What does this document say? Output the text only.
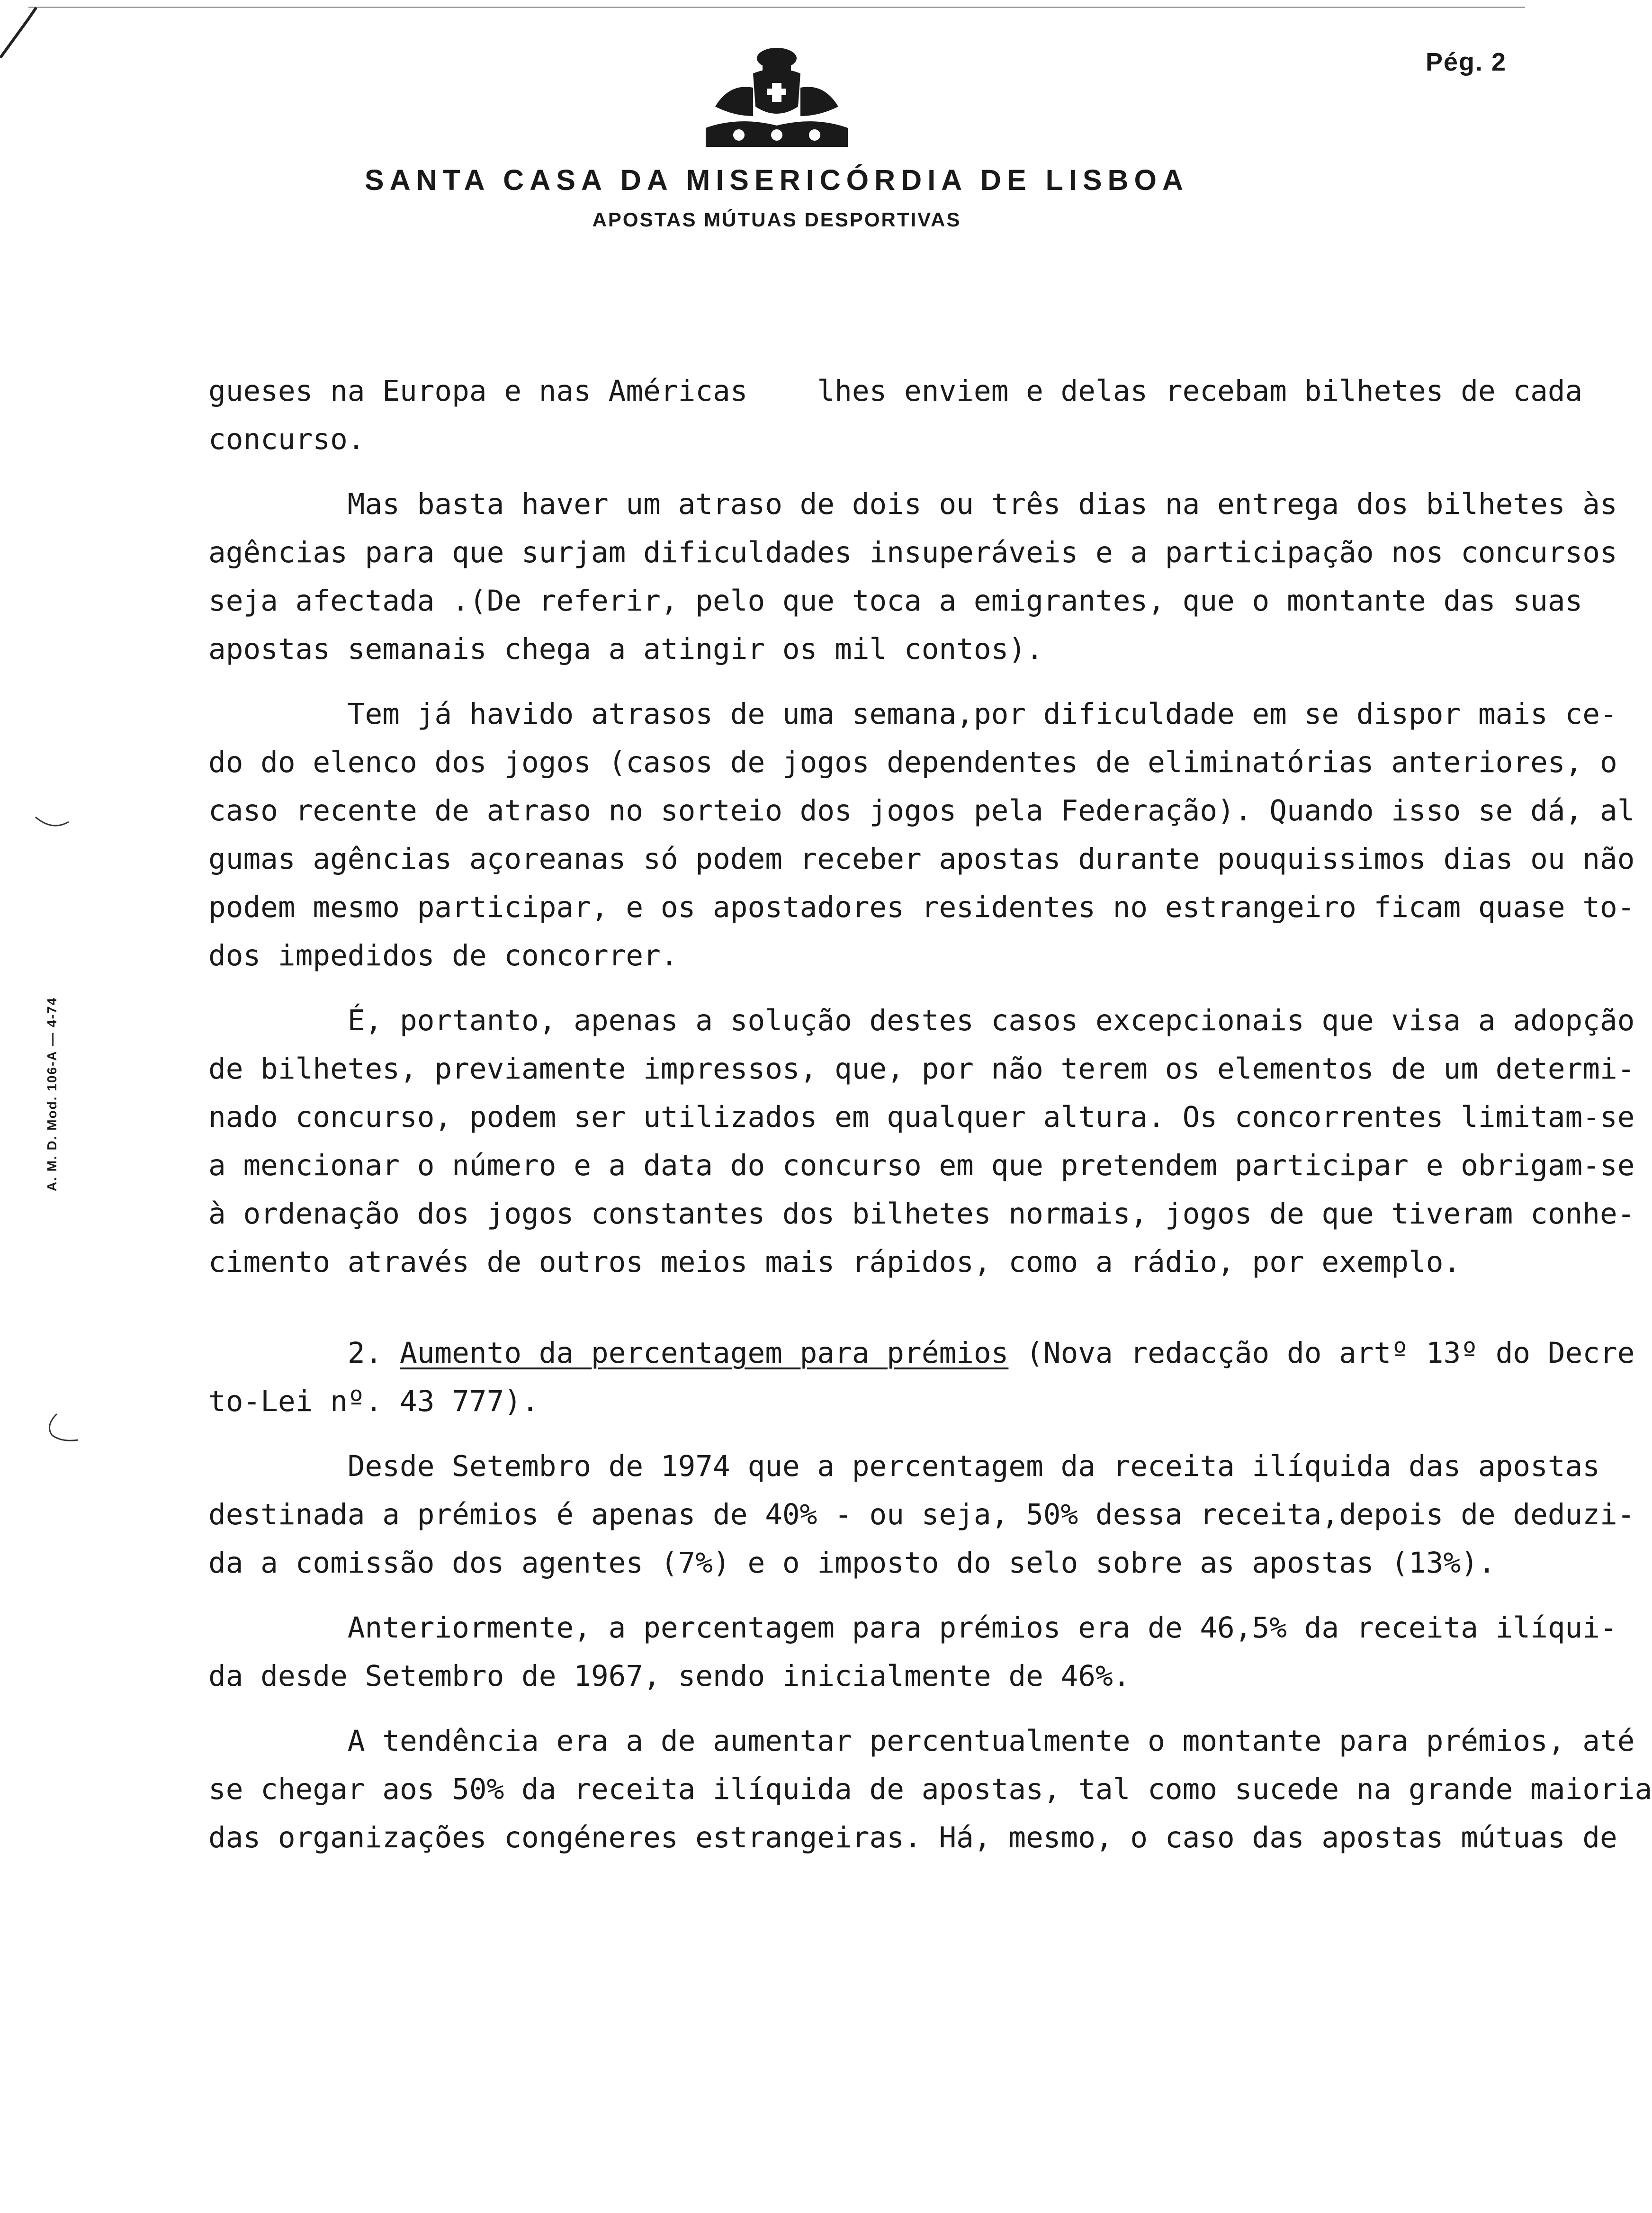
Pég. 2
SANTA CASA DA MISERICÓRDIA DE LISBOA
APOSTAS MÚTUAS DESPORTIVAS
A. M. D. Mod. 106-A — 4-74

gueses na Europa e nas Américas    lhes enviem e delas recebam bilhetes de cada

concurso.

Mas basta haver um atraso de dois ou três dias na entrega dos bilhetes às

agências para que surjam dificuldades insuperáveis e a participação nos concursos

seja afectada .(De referir, pelo que toca a emigrantes, que o montante das suas

apostas semanais chega a atingir os mil contos).

Tem já havido atrasos de uma semana,por dificuldade em se dispor mais ce-

do do elenco dos jogos (casos de jogos dependentes de eliminatórias anteriores, o

caso recente de atraso no sorteio dos jogos pela Federação). Quando isso se dá, al

gumas agências açoreanas só podem receber apostas durante pouquissimos dias ou não

podem mesmo participar, e os apostadores residentes no estrangeiro ficam quase to-

dos impedidos de concorrer.

É, portanto, apenas a solução destes casos excepcionais que visa a adopção

de bilhetes, previamente impressos, que, por não terem os elementos de um determi-

nado concurso, podem ser utilizados em qualquer altura. Os concorrentes limitam-se

a mencionar o número e a data do concurso em que pretendem participar e obrigam-se

à ordenação dos jogos constantes dos bilhetes normais, jogos de que tiveram conhe-

cimento através de outros meios mais rápidos, como a rádio, por exemplo.

2. Aumento da percentagem para prémios (Nova redacção do artº 13º do Decre

to-Lei nº. 43 777).

Desde Setembro de 1974 que a percentagem da receita ilíquida das apostas

destinada a prémios é apenas de 40% - ou seja, 50% dessa receita,depois de deduzi-

da a comissão dos agentes (7%) e o imposto do selo sobre as apostas (13%).

Anteriormente, a percentagem para prémios era de 46,5% da receita ilíqui-

da desde Setembro de 1967, sendo inicialmente de 46%.

A tendência era a de aumentar percentualmente o montante para prémios, até

se chegar aos 50% da receita ilíquida de apostas, tal como sucede na grande maioria

das organizações congéneres estrangeiras. Há, mesmo, o caso das apostas mútuas de
